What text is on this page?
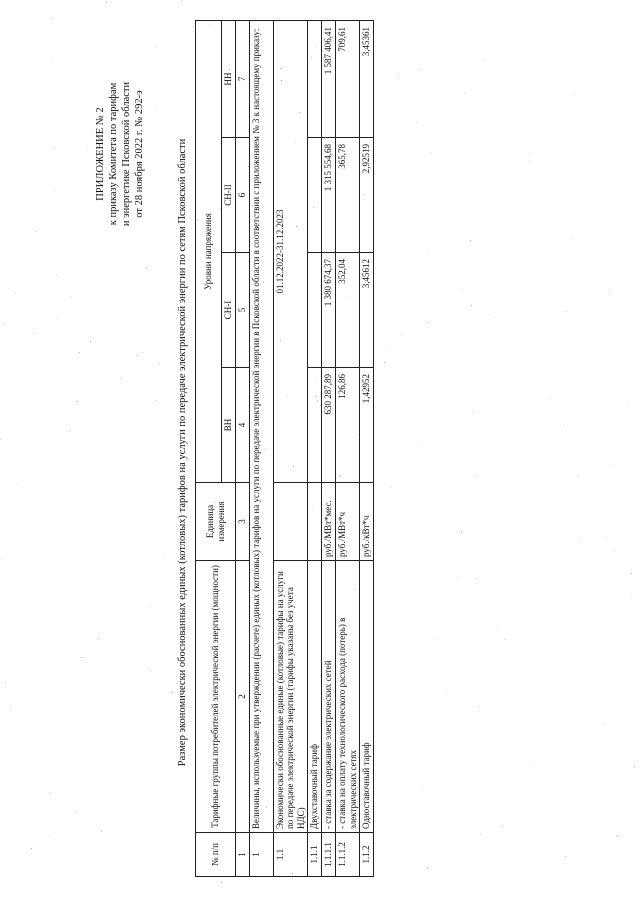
ПРИЛОЖЕНИЕ № 2 к приказу Комитета по тарифам и энергетике Псковской области от 28 ноября 2022 г. № 292-э	Размер экономически обоснованных единых (котловых) тарифов на услуги по передаче электрической энергии по сетям Псковской области
№ п/п	Тарифные группы потребителей электрической энергии (мощности)	Единица измерения	Уровни напряжения			
			ВН	СН-I	СН-II	НН
1	2	3	4	5	6	7
1	Величины, используемые при утверждении (расчете) единых (котловых) тарифов на услуги по передаче электрической энергии в Псковской области в соответствии с приложением № 3 к настоящему приказу:					
1.1	Экономически обоснованные единые (котловые) тарифы на услуги по передаче электрической энергии (тарифы указаны без учета НДС)		01.12.2022-31.12.2023			
1.1.1	Двухставочный тариф					
1.1.1.1	- ставка за содержание электрических сетей	руб./МВт*мес.	630 287,89	1 380 674,37	1 315 554,68	1 587 406,41
1.1.1.2	- ставка на оплату технологического расхода (потерь) в электрических сетях	руб./МВт*ч	126,86	352,04	365,78	709,61
1.1.2	Одноставочный тариф	руб./кВт*ч	1,42952	3,45612	2,92519	3,45361
